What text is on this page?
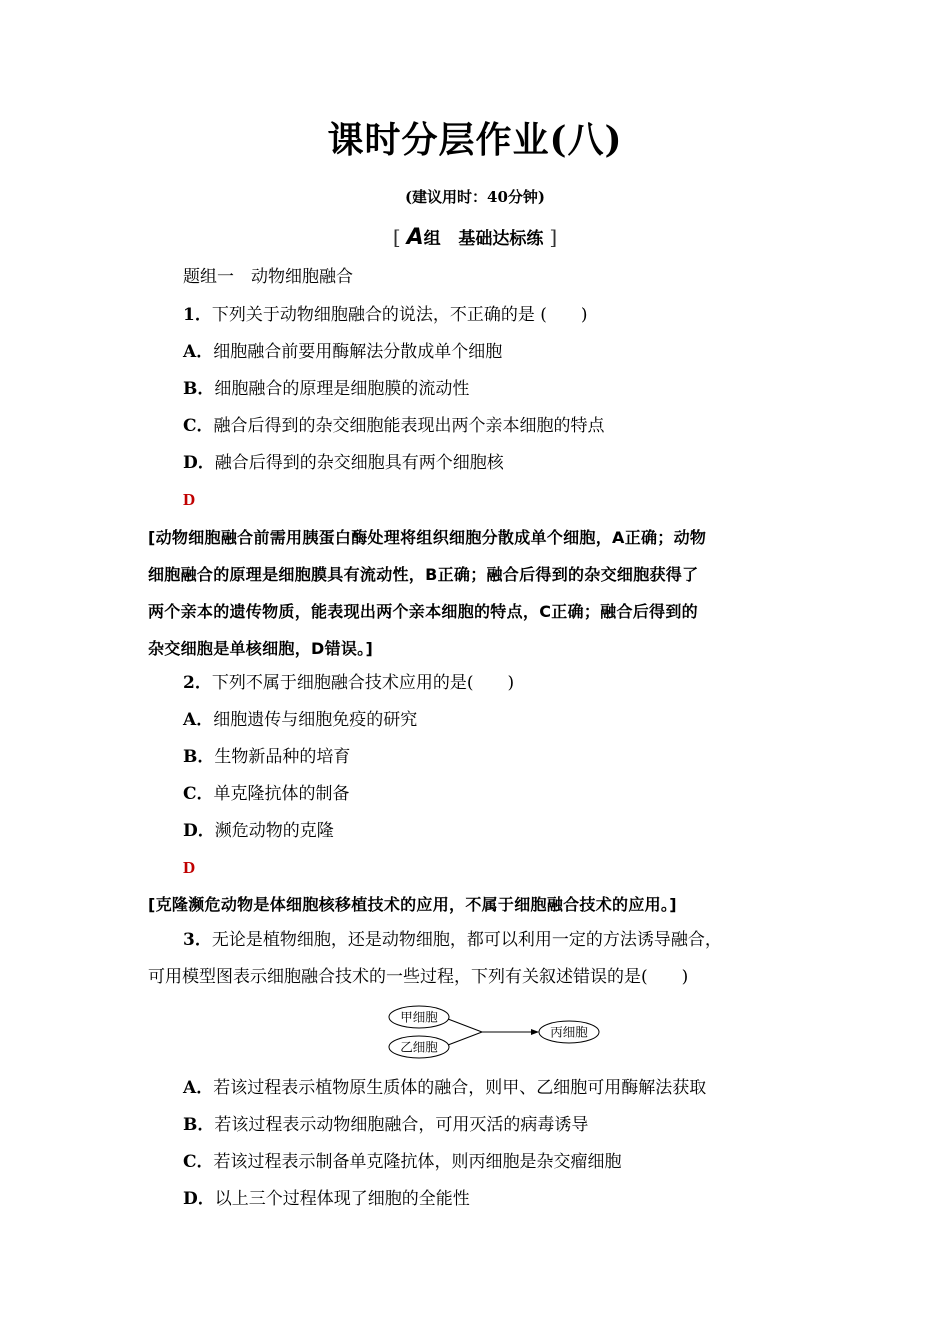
课时分层作业(八)
(建议用时：40分钟)
[ A组 基础达标练 ]
题组一　动物细胞融合
1．下列关于动物细胞融合的说法，不正确的是 (　　)
A．细胞融合前要用酶解法分散成单个细胞
B．细胞融合的原理是细胞膜的流动性
C．融合后得到的杂交细胞能表现出两个亲本细胞的特点
D．融合后得到的杂交细胞具有两个细胞核
D
[动物细胞融合前需用胰蛋白酶处理将组织细胞分散成单个细胞，A正确；动物
细胞融合的原理是细胞膜具有流动性，B正确；融合后得到的杂交细胞获得了
两个亲本的遗传物质，能表现出两个亲本细胞的特点，C正确；融合后得到的
杂交细胞是单核细胞，D错误。]
2．下列不属于细胞融合技术应用的是(　　)
A．细胞遗传与细胞免疫的研究
B．生物新品种的培育
C．单克隆抗体的制备
D．濒危动物的克隆
D
[克隆濒危动物是体细胞核移植技术的应用，不属于细胞融合技术的应用。]
3．无论是植物细胞，还是动物细胞，都可以利用一定的方法诱导融合，
可用模型图表示细胞融合技术的一些过程，下列有关叙述错误的是(　　)
甲细胞
乙细胞
丙细胞
A．若该过程表示植物原生质体的融合，则甲、乙细胞可用酶解法获取
B．若该过程表示动物细胞融合，可用灭活的病毒诱导
C．若该过程表示制备单克隆抗体，则丙细胞是杂交瘤细胞
D．以上三个过程体现了细胞的全能性
